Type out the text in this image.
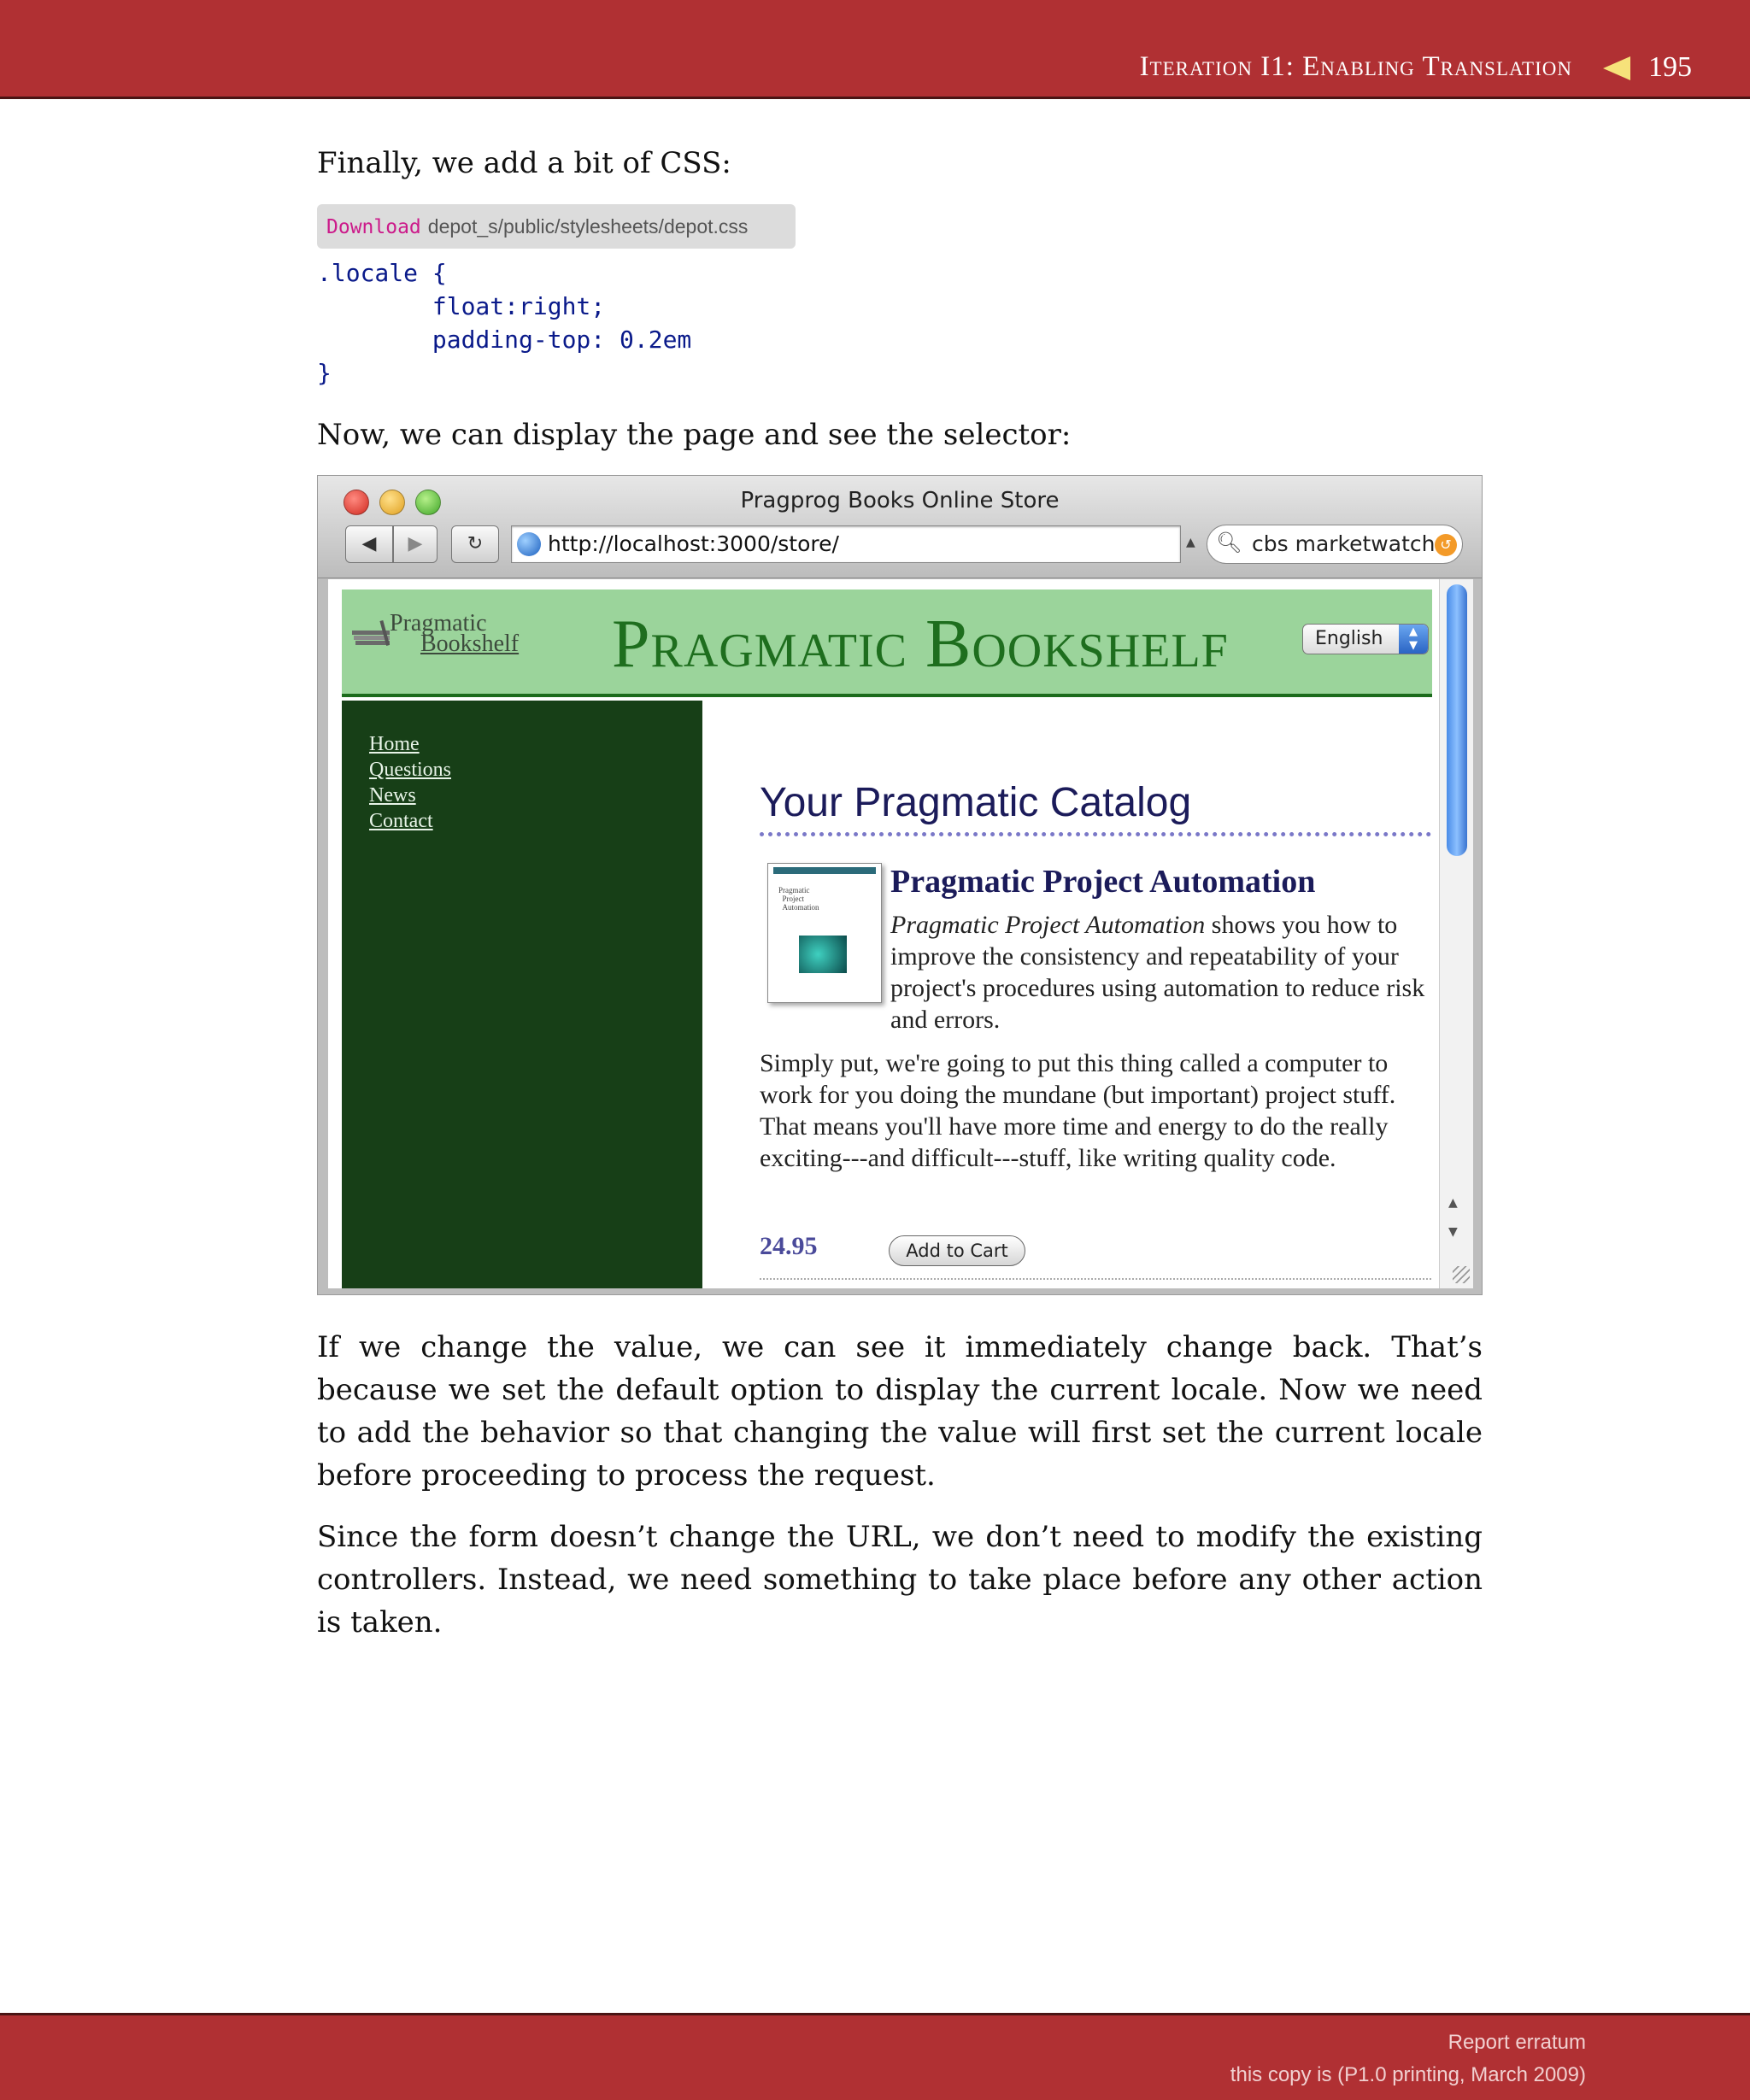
Iteration I1: Enabling Translation	195
Finally, we add a bit of CSS:
Download depot_s/public/stylesheets/depot.css
.locale {
float:right;
padding-top: 0.2em
}
Now, we can display the page and see the selector:
Pragprog Books Online Store
◀	▶	↻	http://localhost:3000/store/	▲ 🔍︎ cbs marketwatch ↺
Pragmatic
Bookshelf Pragmatic Bookshelf	English	▲
▼
Home
Questions
News
Contact	Your Pragmatic Catalog
Pragmatic
Project
Automation
Pragmatic Project Automation
Pragmatic Project Automation shows you how to improve the consistency and repeatability of your project's procedures using automation to reduce risk and errors.
Simply put, we're going to put this thing called a computer to work for you doing the mundane (but important) project stuff. That means you'll have more time and energy to do the really exciting---and difficult---stuff, like writing quality code.
24.95	Add to Cart
▲
▼
If we change the value, we can see it immediately change back. That’s because we set the default option to display the current locale. Now we need to add the behavior so that changing the value will first set the current locale before proceeding to process the request.
Since the form doesn’t change the URL, we don’t need to modify the existing controllers. Instead, we need something to take place before any other action is taken.
Report erratum
this copy is (P1.0 printing, March 2009)
